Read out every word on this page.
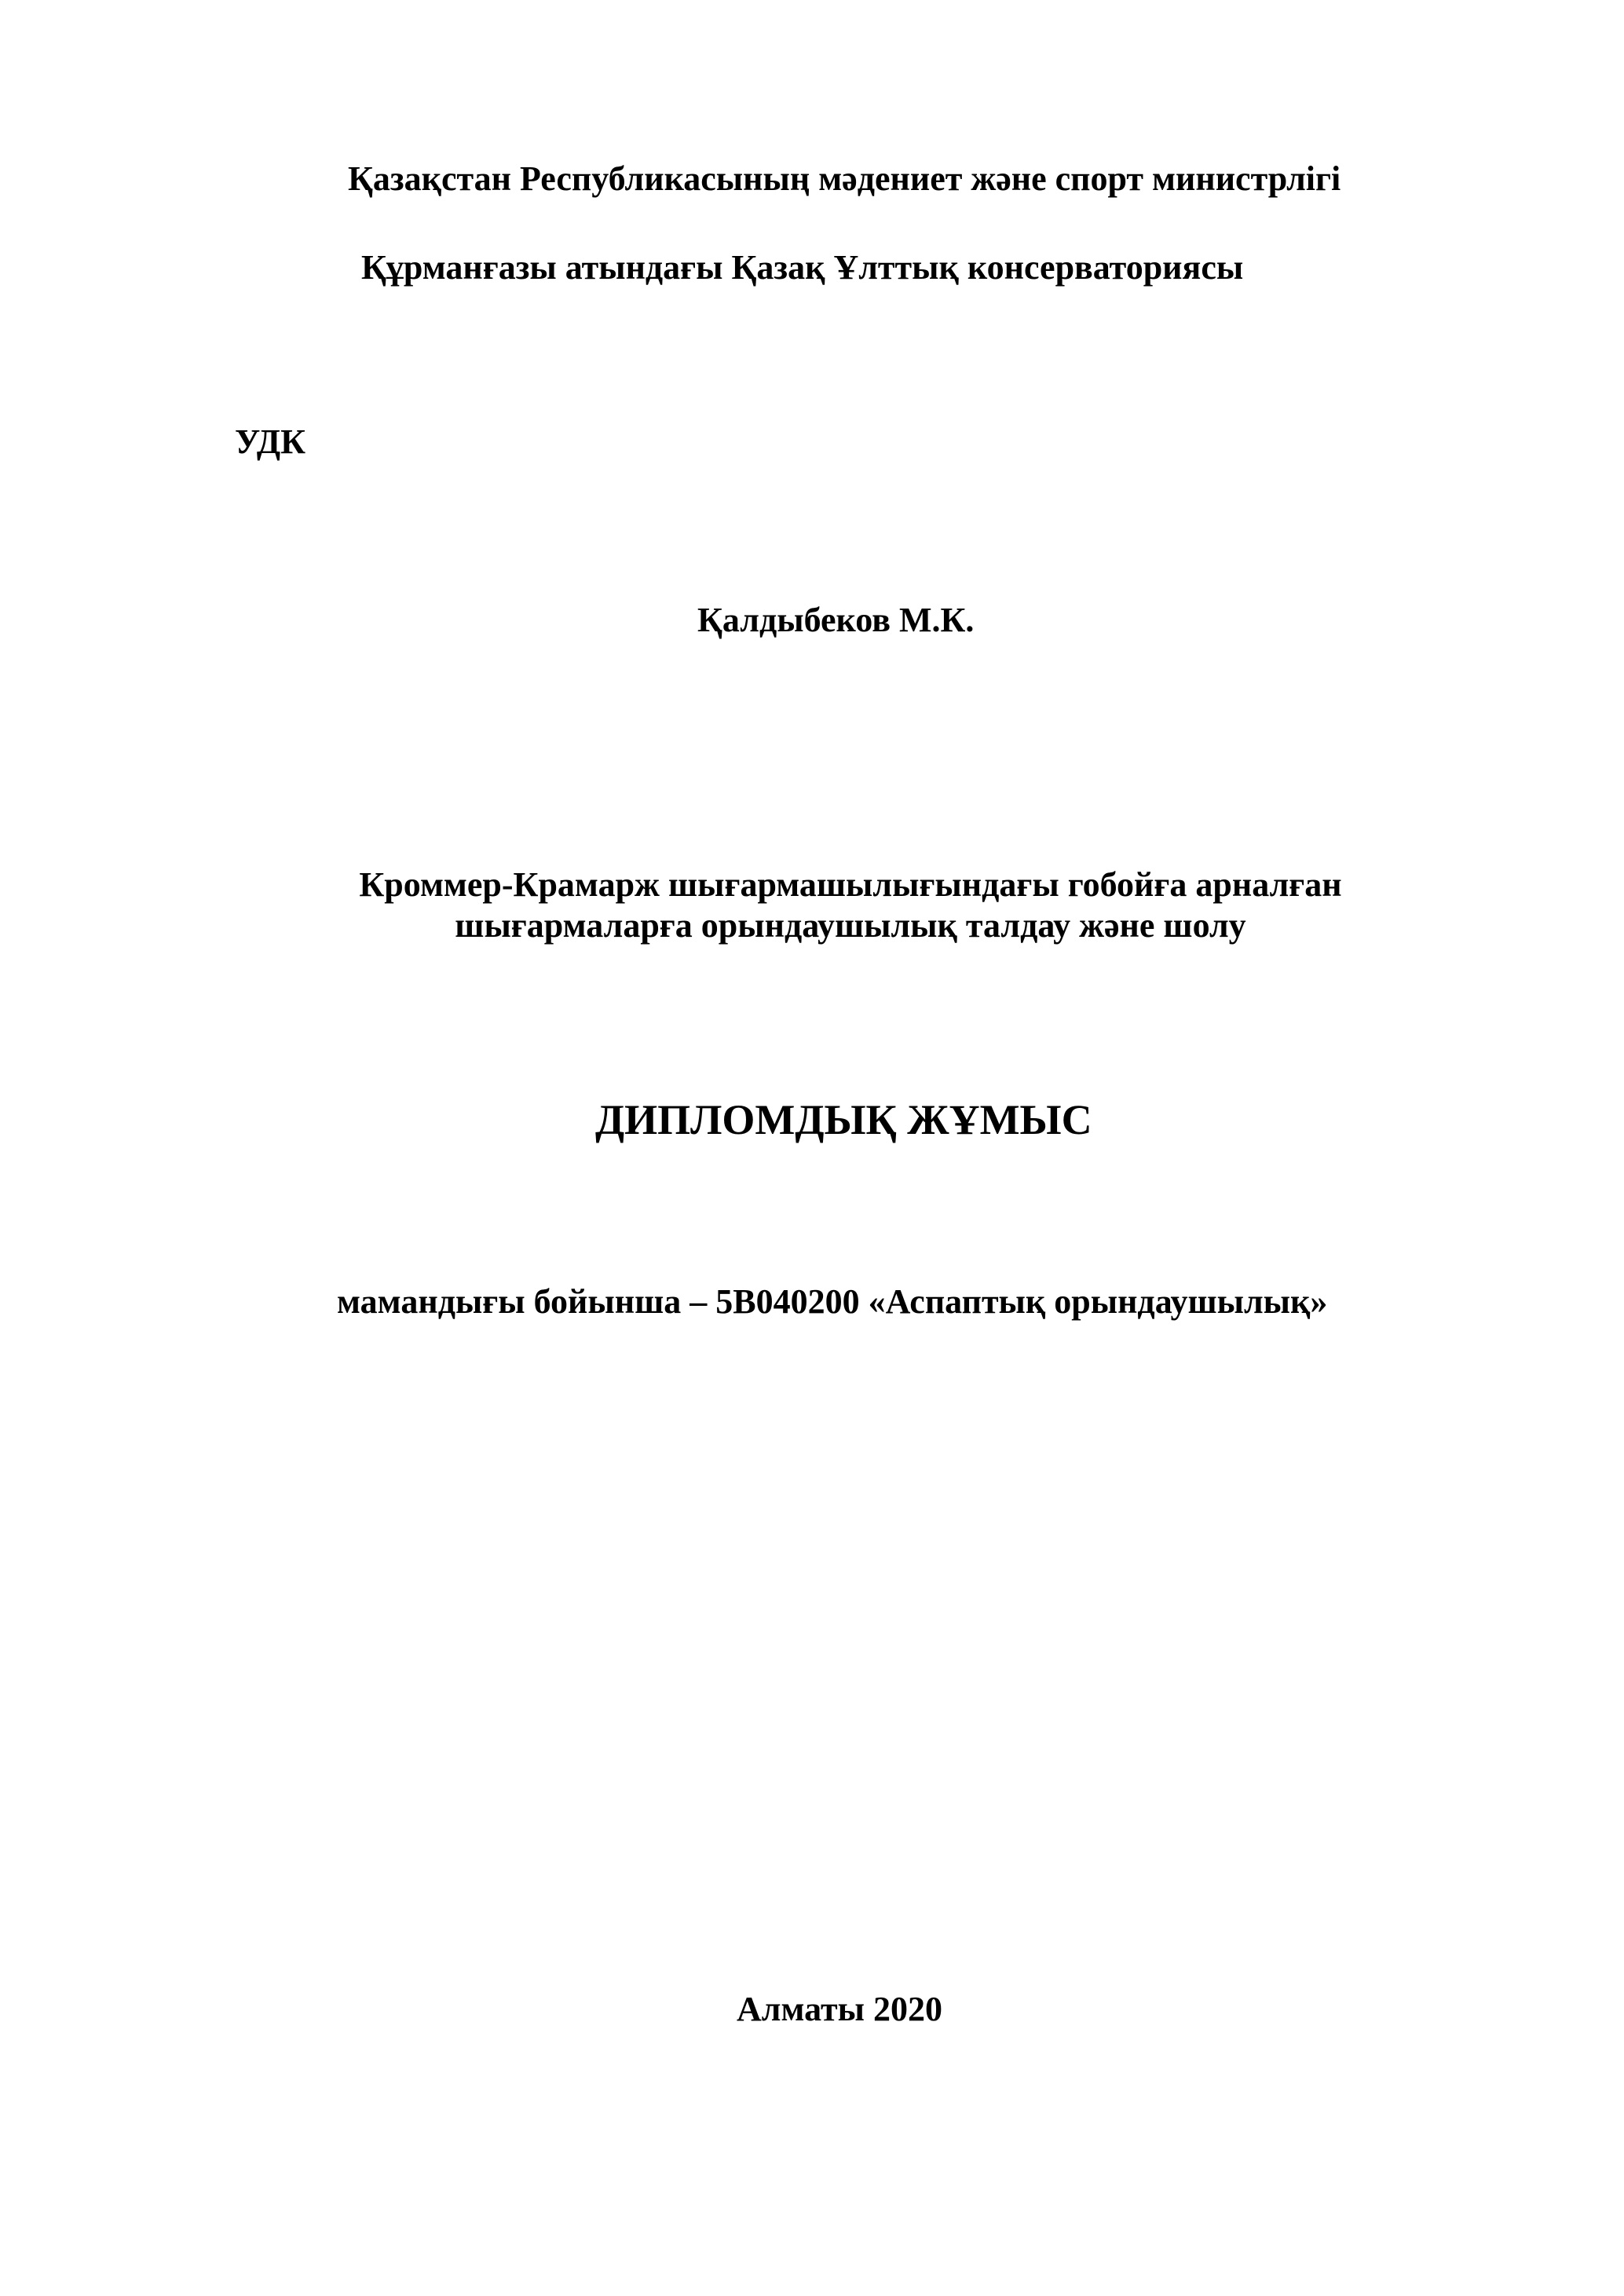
Қазақстан Республикасының мәдениет және спорт министрлігі

Құрманғазы атындағы Қазақ Ұлттық консерваториясы

УДК

Қалдыбеков М.К.

Кроммер-Крамарж шығармашылығындағы гобойға арналған
шығармаларға орындаушылық талдау және шолу

ДИПЛОМДЫҚ ЖҰМЫС

мамандығы бойынша – 5В040200 «Аспаптық орындаушылық»

Алматы 2020
